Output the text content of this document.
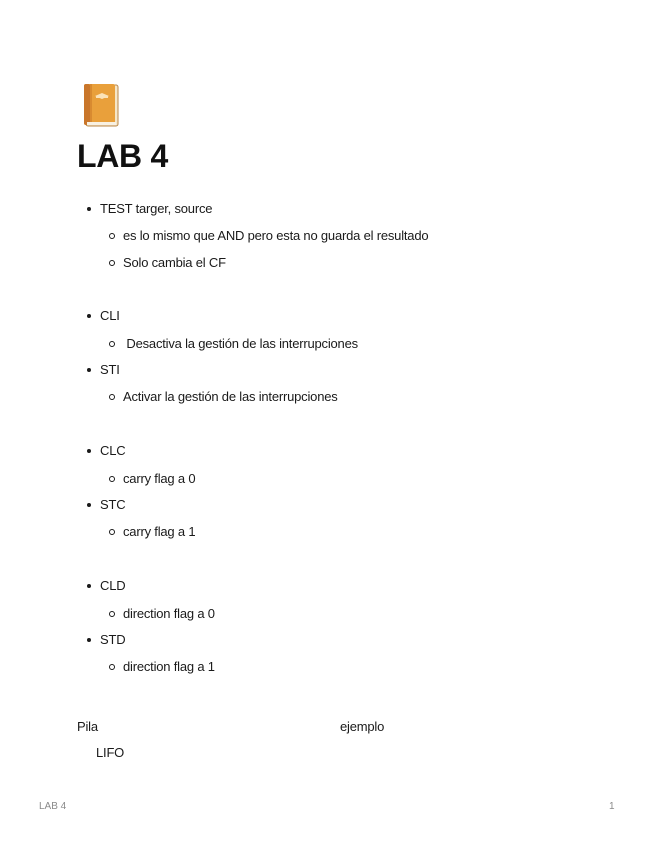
LAB 4
TEST targer, source
es lo mismo que AND pero esta no guarda el resultado
Solo cambia el CF
CLI
Desactiva la gestión de las interrupciones
STI
Activar la gestión de las interrupciones
CLC
carry flag a 0
STC
carry flag a 1
CLD
direction flag a 0
STD
direction flag a 1
Pila	ejemplo
LIFO
LAB 4	1
